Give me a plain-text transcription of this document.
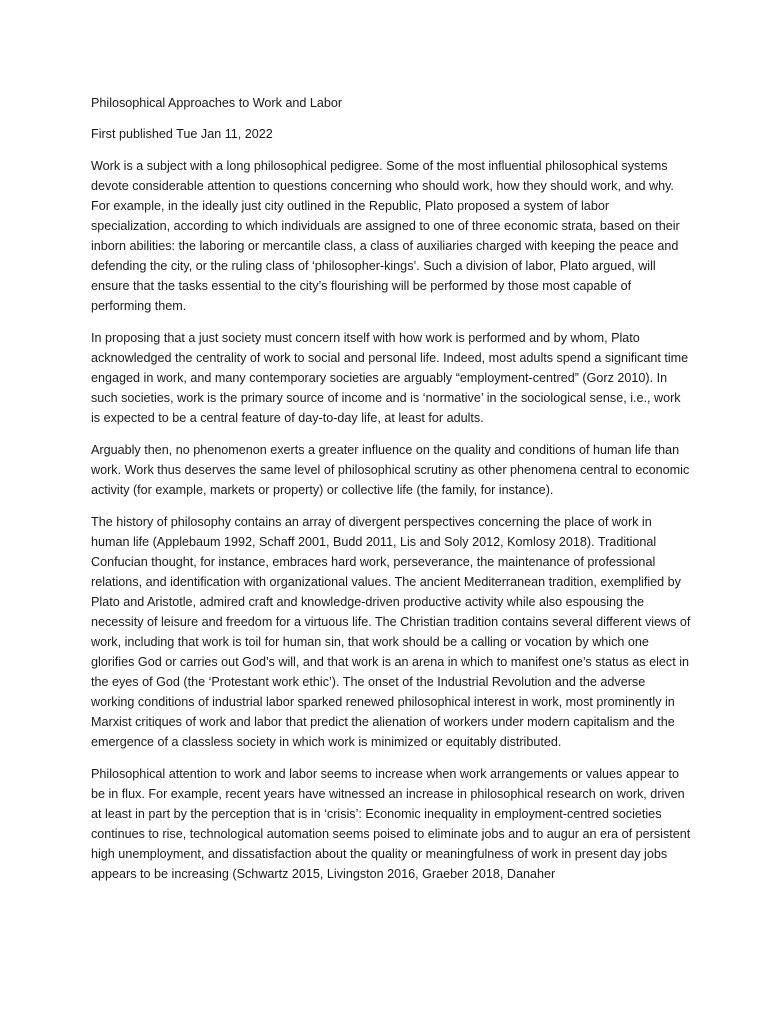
Philosophical Approaches to Work and Labor
First published Tue Jan 11, 2022

Work is a subject with a long philosophical pedigree. Some of the most influential philosophical systems devote considerable attention to questions concerning who should work, how they should work, and why. For example, in the ideally just city outlined in the Republic, Plato proposed a system of labor specialization, according to which individuals are assigned to one of three economic strata, based on their inborn abilities: the laboring or mercantile class, a class of auxiliaries charged with keeping the peace and defending the city, or the ruling class of ‘philosopher-kings’. Such a division of labor, Plato argued, will ensure that the tasks essential to the city’s flourishing will be performed by those most capable of performing them.

In proposing that a just society must concern itself with how work is performed and by whom, Plato acknowledged the centrality of work to social and personal life. Indeed, most adults spend a significant time engaged in work, and many contemporary societies are arguably “employment-centred” (Gorz 2010). In such societies, work is the primary source of income and is ‘normative’ in the sociological sense, i.e., work is expected to be a central feature of day-to-day life, at least for adults.

Arguably then, no phenomenon exerts a greater influence on the quality and conditions of human life than work. Work thus deserves the same level of philosophical scrutiny as other phenomena central to economic activity (for example, markets or property) or collective life (the family, for instance).

The history of philosophy contains an array of divergent perspectives concerning the place of work in human life (Applebaum 1992, Schaff 2001, Budd 2011, Lis and Soly 2012, Komlosy 2018). Traditional Confucian thought, for instance, embraces hard work, perseverance, the maintenance of professional relations, and identification with organizational values. The ancient Mediterranean tradition, exemplified by Plato and Aristotle, admired craft and knowledge-driven productive activity while also espousing the necessity of leisure and freedom for a virtuous life. The Christian tradition contains several different views of work, including that work is toil for human sin, that work should be a calling or vocation by which one glorifies God or carries out God’s will, and that work is an arena in which to manifest one’s status as elect in the eyes of God (the ‘Protestant work ethic’). The onset of the Industrial Revolution and the adverse working conditions of industrial labor sparked renewed philosophical interest in work, most prominently in Marxist critiques of work and labor that predict the alienation of workers under modern capitalism and the emergence of a classless society in which work is minimized or equitably distributed.

Philosophical attention to work and labor seems to increase when work arrangements or values appear to be in flux. For example, recent years have witnessed an increase in philosophical research on work, driven at least in part by the perception that is in ‘crisis’: Economic inequality in employment-centred societies continues to rise, technological automation seems poised to eliminate jobs and to augur an era of persistent high unemployment, and dissatisfaction about the quality or meaningfulness of work in present day jobs appears to be increasing (Schwartz 2015, Livingston 2016, Graeber 2018, Danaher
